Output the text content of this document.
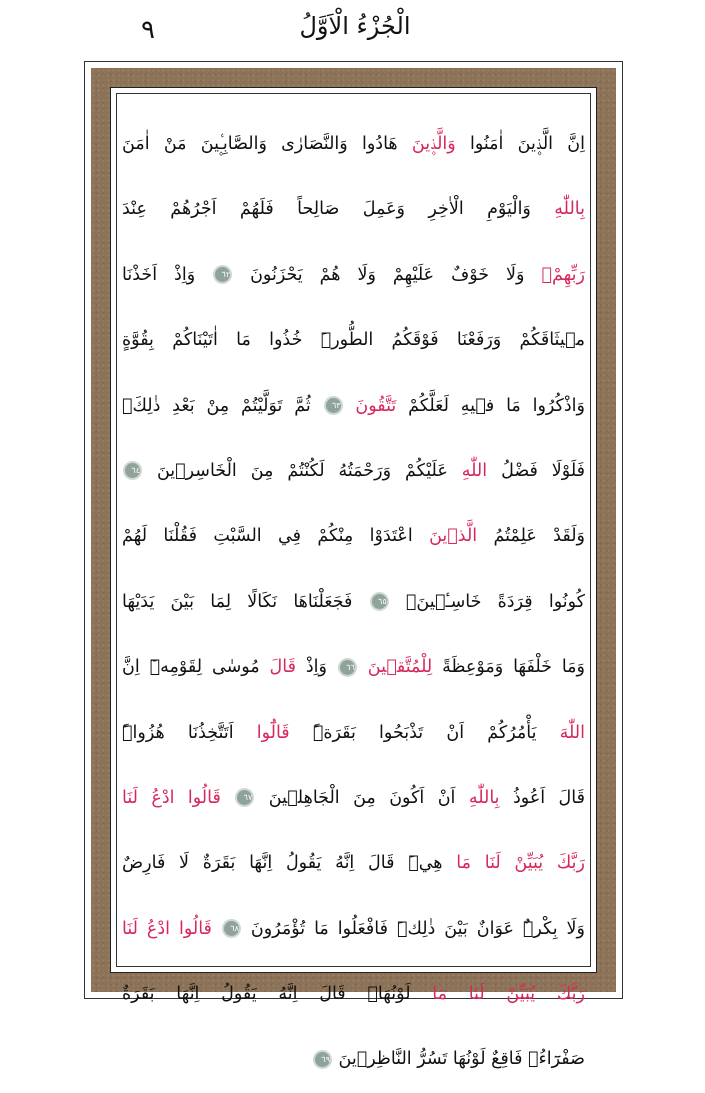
الْجُزْءُ الْاَوَّلُ
٩
اِنَّ الَّذ۪ينَ اٰمَنُوا وَالَّذ۪ينَ هَادُوا وَالنَّصَارٰى وَالصَّابِـ۪ٔينَ مَنْ اٰمَنَ
بِاللّٰهِ وَالْيَوْمِ الْاٰخِرِ وَعَمِلَ صَالِحاً فَلَهُمْ اَجْرُهُمْ عِنْدَ
رَبِّهِمْۚ وَلَا خَوْفٌ عَلَيْهِمْ وَلَا هُمْ يَحْزَنُونَ ٦٢ وَاِذْ اَخَذْنَا
م۪يثَاقَكُمْ وَرَفَعْنَا فَوْقَكُمُ الطُّورَۜ خُذُوا مَا اٰتَيْنَاكُمْ بِقُوَّةٍ
وَاذْكُرُوا مَا ف۪يهِ لَعَلَّكُمْ تَتَّقُونَ ٦٣ ثُمَّ تَوَلَّيْتُمْ مِنْ بَعْدِ ذٰلِكَۚ
فَلَوْلَا فَضْلُ اللّٰهِ عَلَيْكُمْ وَرَحْمَتُهُ لَكُنْتُمْ مِنَ الْخَاسِر۪ينَ ٦٤
وَلَقَدْ عَلِمْتُمُ الَّذ۪ينَ اعْتَدَوْا مِنْكُمْ فِي السَّبْتِ فَقُلْنَا لَهُمْ
كُونُوا قِرَدَةً خَاسِـ۪ٔينَۚ ٦٥ فَجَعَلْنَاهَا نَكَالًا لِمَا بَيْنَ يَدَيْهَا
وَمَا خَلْفَهَا وَمَوْعِظَةً لِلْمُتَّق۪ينَ ٦٦ وَاِذْ قَالَ مُوسٰى لِقَوْمِه۪ٓ اِنَّ
اللّٰهَ يَأْمُرُكُمْ اَنْ تَذْبَحُوا بَقَرَةًۜ قَالُٓوا اَتَتَّخِذُنَا هُزُواًۜ
قَالَ اَعُوذُ بِاللّٰهِ اَنْ اَكُونَ مِنَ الْجَاهِل۪ينَ ٦٧ قَالُوا ادْعُ لَنَا
رَبَّكَ يُبَيِّنْ لَنَا مَا هِيَۜ قَالَ اِنَّهُ يَقُولُ اِنَّهَا بَقَرَةٌ لَا فَارِضٌ
وَلَا بِكْرٌۜ عَوَانٌ بَيْنَ ذٰلِكَۜ فَافْعَلُوا مَا تُؤْمَرُونَ ٦٨ قَالُوا ادْعُ لَنَا
رَبَّكَ يُبَيِّنْ لَنَا مَا لَوْنُهَاۜ قَالَ اِنَّهُ يَقُولُ اِنَّهَا بَقَرَةٌ
صَفْرَٓاءُۙ فَاقِعٌ لَوْنُهَا تَسُرُّ النَّاظِر۪ينَ ٦٩
